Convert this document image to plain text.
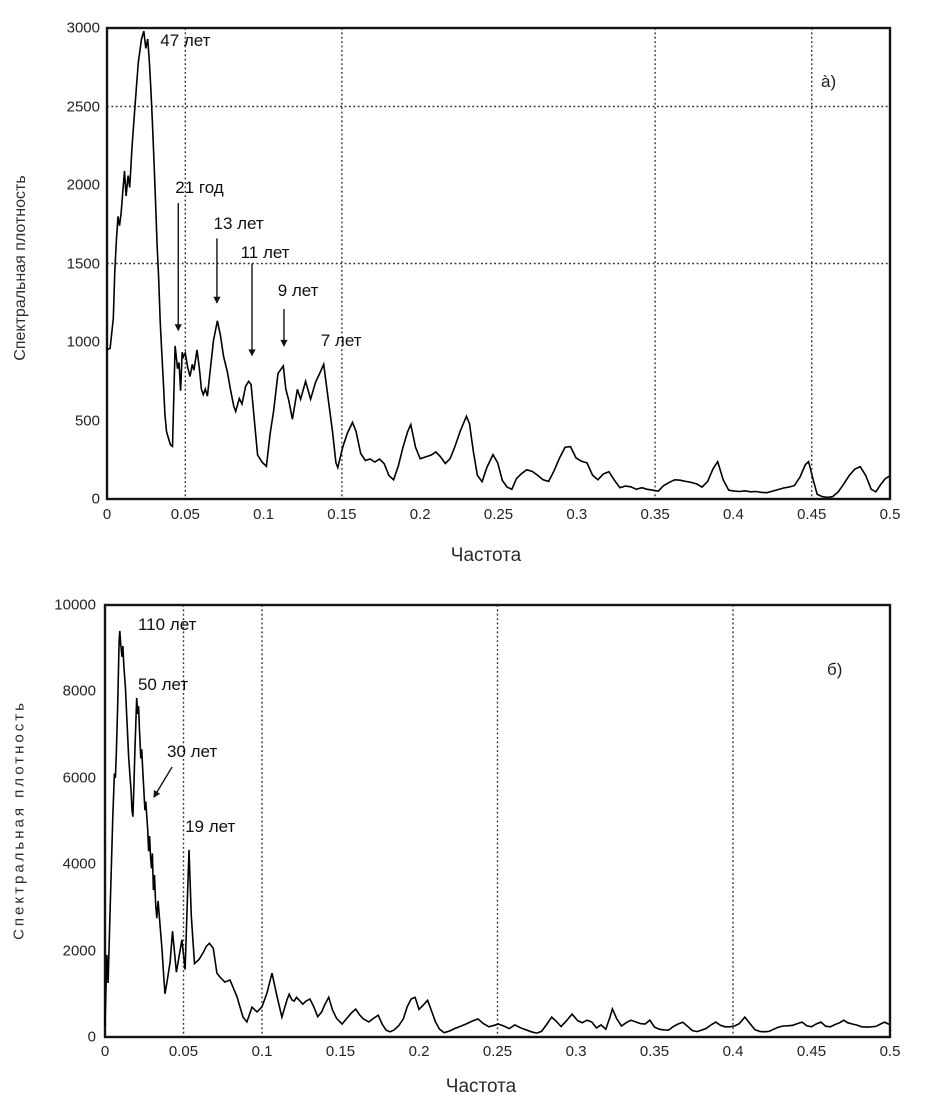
Спектральная плотность
Частота
à)
Спектральная плотность
Частота
б)
0	0.05	0.1	0.15	0.2	0.25	0.3	0.35	0.4	0.45	0.5
0
500
1000
1500
2000
2500
3000
47 лет
21 год
13 лет
11 лет
9 лет
7 лет
0	0.05	0.1	0.15	0.2	0.25	0.3	0.35	0.4	0.45	0.5
0
2000
4000
6000
8000
10000
110 лет
50 лет
30 лет
19 лет
